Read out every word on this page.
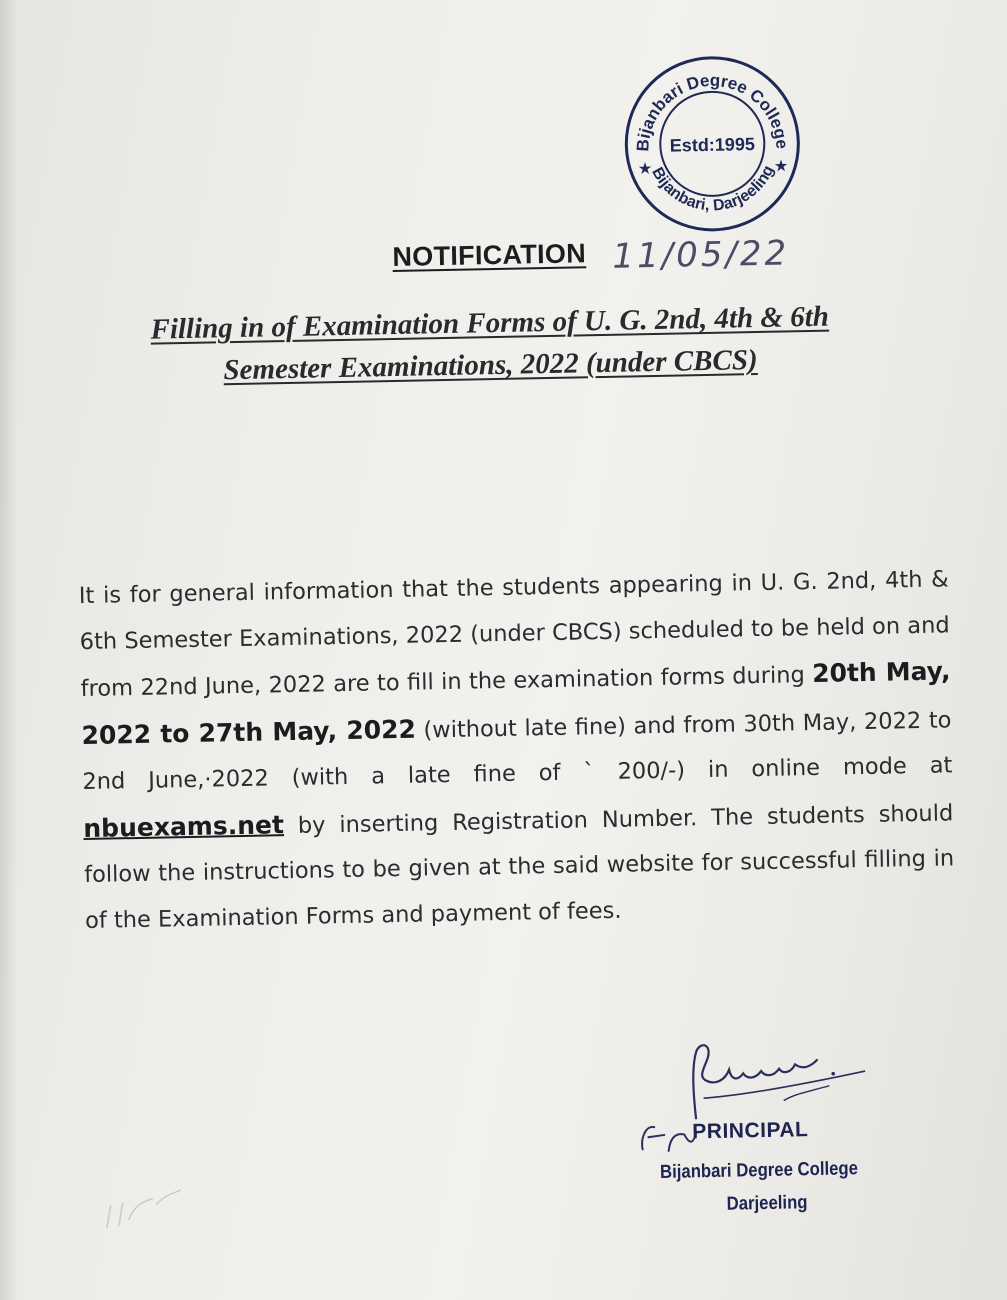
Bijanbari Degree College
Bijanbari, Darjeeling
Estd:1995
★	★
NOTIFICATION 11/05/22
Filling in of Examination Forms of U. G. 2nd, 4th & 6th
Semester Examinations, 2022 (under CBCS)
It is for general information that the students appearing in U. G. 2nd, 4th & 6th Semester Examinations, 2022 (under CBCS) scheduled to be held on and from 22nd June, 2022 are to fill in the examination forms during 20th May, 2022 to 27th May, 2022 (without late fine) and from 30th May, 2022 to 2nd June,·2022 (with a late fine of ` 200/-) in online mode at nbuexams.net by inserting Registration Number. The students should follow the instructions to be given at the said website for successful filling in of the Examination Forms and payment of fees.
PRINCIPAL
Bijanbari Degree College
Darjeeling
